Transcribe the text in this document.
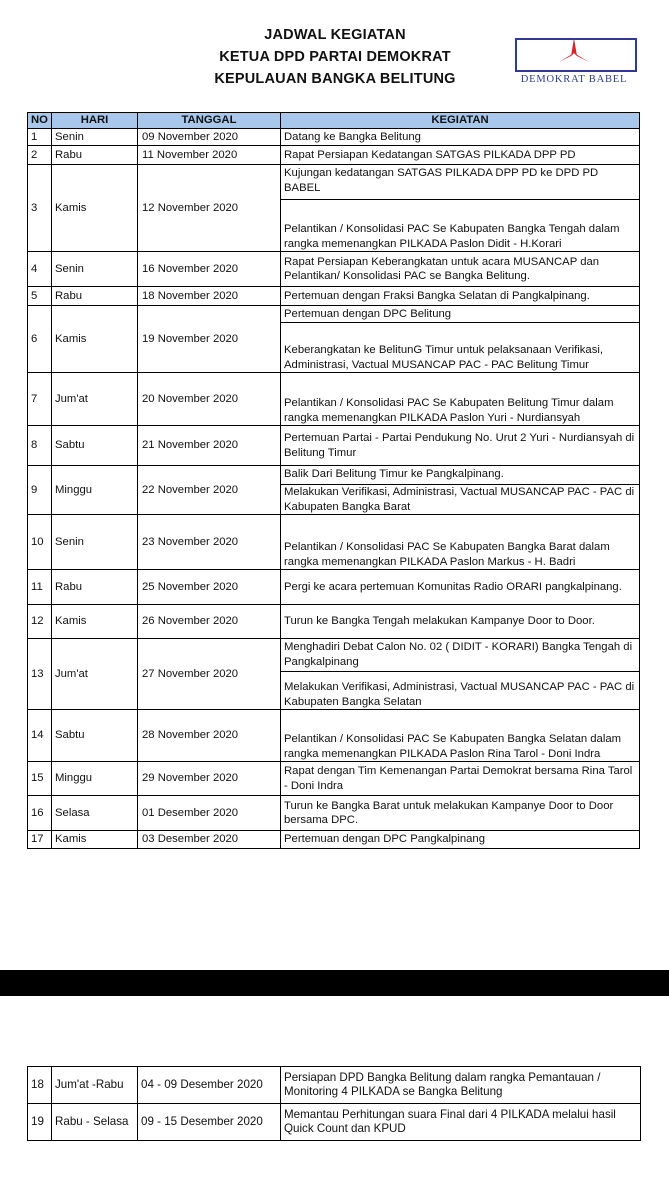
JADWAL KEGIATAN
KETUA DPD PARTAI DEMOKRAT
KEPULAUAN BANGKA BELITUNG	DEMOKRAT BABEL
NO	HARI	TANGGAL	KEGIATAN
1	Senin	09 November 2020	Datang ke Bangka Belitung
2	Rabu	11 November 2020	Rapat Persiapan Kedatangan SATGAS PILKADA DPP PD
3	Kamis	12 November 2020	Kujungan kedatangan SATGAS PILKADA DPP PD ke DPD PD BABEL
			Pelantikan / Konsolidasi PAC Se Kabupaten Bangka Tengah dalam rangka memenangkan PILKADA Paslon Didit - H.Korari
4	Senin	16 November 2020	Rapat Persiapan Keberangkatan untuk acara MUSANCAP dan Pelantikan/ Konsolidasi PAC se Bangka Belitung.
5	Rabu	18 November 2020	Pertemuan dengan Fraksi Bangka Selatan di Pangkalpinang.
6	Kamis	19 November 2020	Pertemuan dengan DPC Belitung
			Keberangkatan ke BelitunG Timur untuk pelaksanaan Verifikasi, Administrasi, Vactual MUSANCAP PAC - PAC Belitung Timur
7	Jum'at	20 November 2020	Pelantikan / Konsolidasi PAC Se Kabupaten Belitung Timur dalam rangka memenangkan PILKADA Paslon Yuri - Nurdiansyah
8	Sabtu	21 November 2020	Pertemuan Partai - Partai Pendukung No. Urut 2 Yuri - Nurdiansyah di Belitung Timur
9	Minggu	22 November 2020	Balik Dari Belitung Timur ke Pangkalpinang.
			Melakukan Verifikasi, Administrasi, Vactual MUSANCAP PAC - PAC di Kabupaten Bangka Barat
10	Senin	23 November 2020	Pelantikan / Konsolidasi PAC Se Kabupaten Bangka Barat dalam rangka memenangkan PILKADA Paslon Markus - H. Badri
11	Rabu	25 November 2020	Pergi ke acara pertemuan Komunitas Radio ORARI pangkalpinang.
12	Kamis	26 November 2020	Turun ke Bangka Tengah melakukan Kampanye Door to Door.
13	Jum'at	27 November 2020	Menghadiri Debat Calon No. 02 ( DIDIT - KORARI) Bangka Tengah di Pangkalpinang
			Melakukan Verifikasi, Administrasi, Vactual MUSANCAP PAC - PAC di Kabupaten Bangka Selatan
14	Sabtu	28 November 2020	Pelantikan / Konsolidasi PAC Se Kabupaten Bangka Selatan dalam rangka memenangkan PILKADA Paslon Rina Tarol - Doni Indra
15	Minggu	29 November 2020	Rapat dengan Tim Kemenangan Partai Demokrat bersama Rina Tarol - Doni Indra
16	Selasa	01 Desember 2020	Turun ke Bangka Barat untuk melakukan Kampanye Door to Door bersama DPC.
17	Kamis	03 Desember 2020	Pertemuan dengan DPC Pangkalpinang
18	Jum'at -Rabu	04 - 09 Desember 2020	Persiapan DPD Bangka Belitung dalam rangka Pemantauan / Monitoring 4 PILKADA se Bangka Belitung
19	Rabu - Selasa	09 - 15 Desember 2020	Memantau Perhitungan suara Final dari 4 PILKADA melalui hasil Quick Count dan KPUD
